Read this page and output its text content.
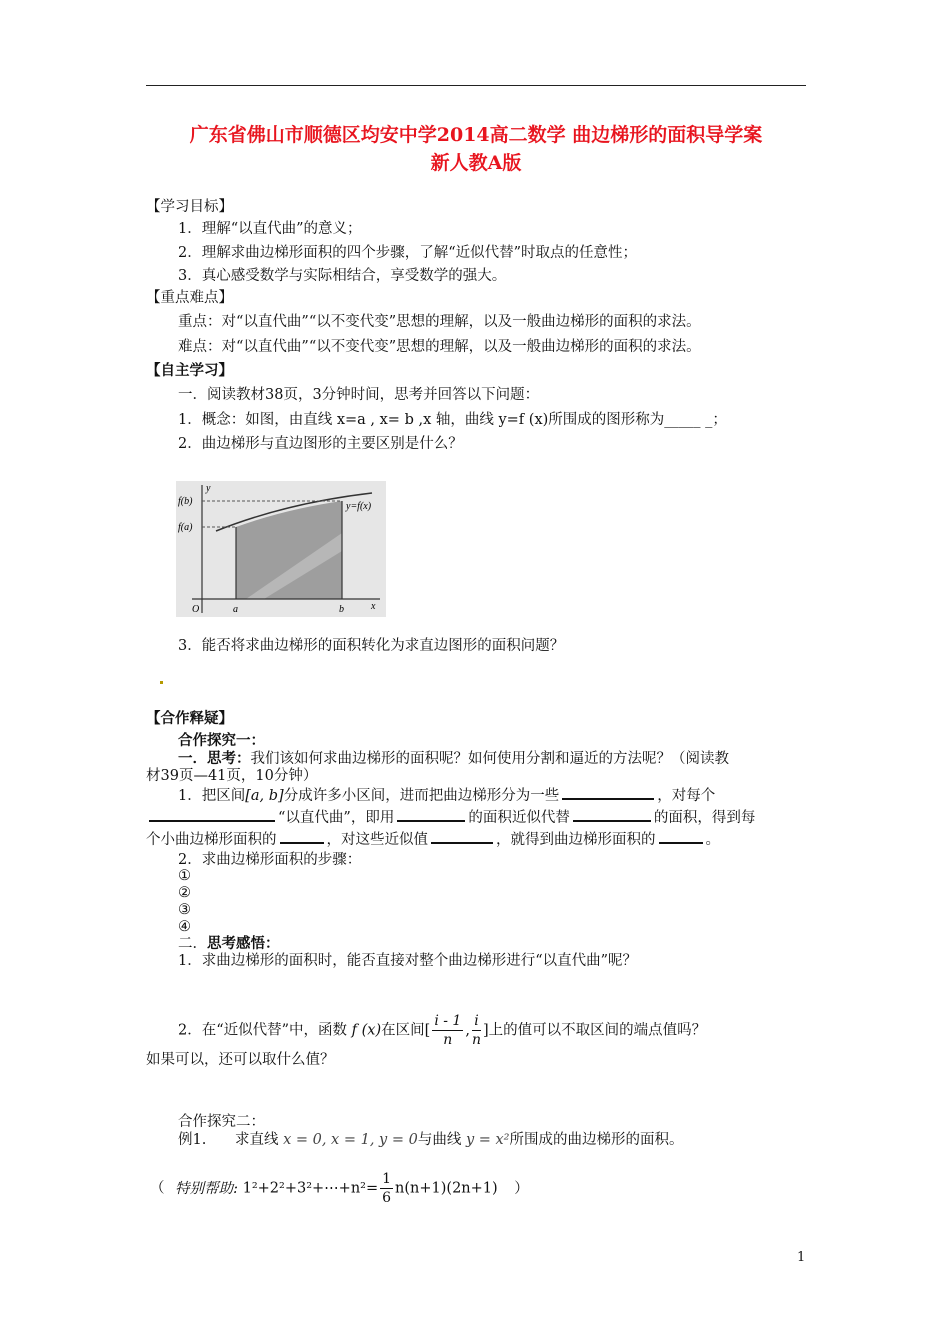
广东省佛山市顺德区均安中学2014高二数学 曲边梯形的面积导学案
新人教A版
【学习目标】
1．理解“以直代曲”的意义；
2．理解求曲边梯形面积的四个步骤，了解“近似代替”时取点的任意性；
3．真心感受数学与实际相结合，享受数学的强大。
【重点难点】
重点：对“以直代曲”“以不变代变”思想的理解，以及一般曲边梯形的面积的求法。
难点：对“以直代曲”“以不变代变”思想的理解，以及一般曲边梯形的面积的求法。
【自主学习】
一．阅读教材38页，3分钟时间，思考并回答以下问题：
1．概念：如图，由直线 x=a , x= b ,x 轴，曲线 y=f (x)所围成的图形称为_____ _；
2．曲边梯形与直边图形的主要区别是什么？
f(b)
f(a)
y=f(x)
O	a	b	x
y
3．能否将求曲边梯形的面积转化为求直边图形的面积问题？
【合作释疑】
合作探究一：
一．思考：我们该如何求曲边梯形的面积呢？如何使用分割和逼近的方法呢？（阅读教
材39页—41页，10分钟）
1．把区间[a, b]分成许多小区间，进而把曲边梯形分为一些	，对每个
“以直代曲”，即用	的面积近似代替	的面积，得到每
个小曲边梯形面积的	，对这些近似值	，就得到曲边梯形面积的	。
2．求曲边梯形面积的步骤：
①
②
③
④
二．思考感悟：
1．求曲边梯形的面积时，能否直接对整个曲边梯形进行“以直代曲”呢？
2．在“近似代替”中，函数 f (x)在区间[ $\frac{i - 1}{n}$ , $\frac{i}{n}$ ]上的值可以不取区间的端点值吗？
如果可以，还可以取什么值？
合作探究二：
例1. 求直线 x = 0, x = 1, y = 0与曲线 y = x²所围成的曲边梯形的面积。
（ 特别帮助: 1²+2²+3²+⋯+n²= $\frac{1}{6} n(n+1)(2n+1)$ ）
1
